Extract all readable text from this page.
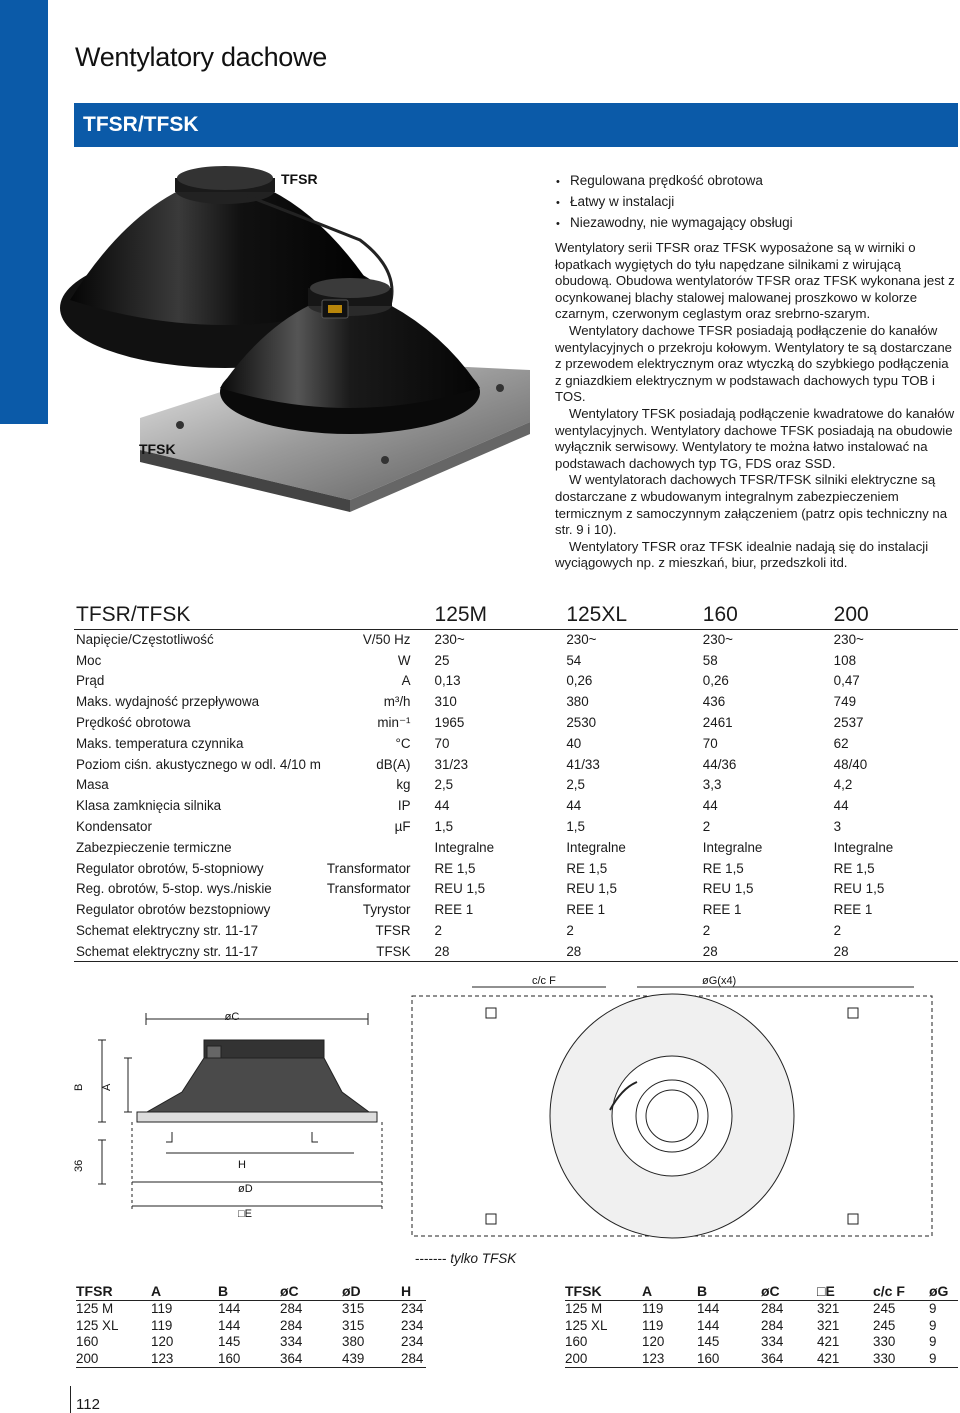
Wentylatory dachowe
TFSR/TFSK
TFSR
TFSK
• Regulowana prędkość obrotowa
• Łatwy w instalacji
• Niezawodny, nie wymagający obsługi

Wentylatory serii TFSR oraz TFSK wyposażone są w wirniki o łopatkach wygiętych do tyłu napędzane silnikami z wirującą obudową. Obudowa wentylatorów TFSR oraz TFSK wykonana jest z ocynkowanej blachy stalowej malowanej proszkowo w kolorze czarnym, czerwonym ceglastym oraz srebrno-szarym.

Wentylatory dachowe TFSR posiadają podłączenie do kanałów wentylacyjnych o przekroju kołowym. Wentylatory te są dostarczane z przewodem elektrycznym oraz wtyczką do szybkiego podłączenia z gniazdkiem elektrycznym w podstawach dachowych typu TOB i TOS.

Wentylatory TFSK posiadają podłączenie kwadratowe do kanałów wentylacyjnych. Wentylatory dachowe TFSK posiadają na obudowie wyłącznik serwisowy. Wentylatory te można łatwo instalować na podstawach dachowych typ TG, FDS oraz SSD.

W wentylatorach dachowych TFSR/TFSK silniki elektryczne są dostarczane z wbudowanym integralnym zabezpieczeniem termicznym z samoczynnym załączeniem (patrz opis techniczny na str. 9 i 10).

Wentylatory TFSR oraz TFSK idealnie nadają się do instalacji wyciągowych np. z mieszkań, biur, przedszkoli itd.

TFSR/TFSK		125M	125XL	160	200
Napięcie/Częstotliwość	V/50 Hz	230~	230~	230~	230~
Moc	W	25	54	58	108
Prąd	A	0,13	0,26	0,26	0,47
Maks. wydajność przepływowa	m³/h	310	380	436	749
Prędkość obrotowa	min⁻¹	1965	2530	2461	2537
Maks. temperatura czynnika	°C	70	40	70	62
Poziom ciśn. akustycznego w odl. 4/10 m	dB(A)	31/23	41/33	44/36	48/40
Masa	kg	2,5	2,5	3,3	4,2
Klasa zamknięcia silnika	IP	44	44	44	44
Kondensator	µF	1,5	1,5	2	3
Zabezpieczenie termiczne		Integralne	Integralne	Integralne	Integralne
Regulator obrotów, 5-stopniowy	Transformator	RE 1,5	RE 1,5	RE 1,5	RE 1,5
Reg. obrotów, 5-stop. wys./niskie	Transformator	REU 1,5	REU 1,5	REU 1,5	REU 1,5
Regulator obrotów bezstopniowy	Tyrystor	REE 1	REE 1	REE 1	REE 1
Schemat elektryczny str. 11-17	TFSR	2	2	2	2
Schemat elektryczny str. 11-17	TFSK	28	28	28	28
øC
B A
36	H
øD
□E
c/c F	øG(x4)
------- tylko TFSK
TFSR	A	B	øC	øD	H
125 M	119	144	284	315	234
125 XL	119	144	284	315	234
160	120	145	334	380	234
200	123	160	364	439	284
TFSK	A	B	øC	□E	c/c F	øG
125 M	119	144	284	321	245	9
125 XL	119	144	284	321	245	9
160	120	145	334	421	330	9
200	123	160	364	421	330	9
112
